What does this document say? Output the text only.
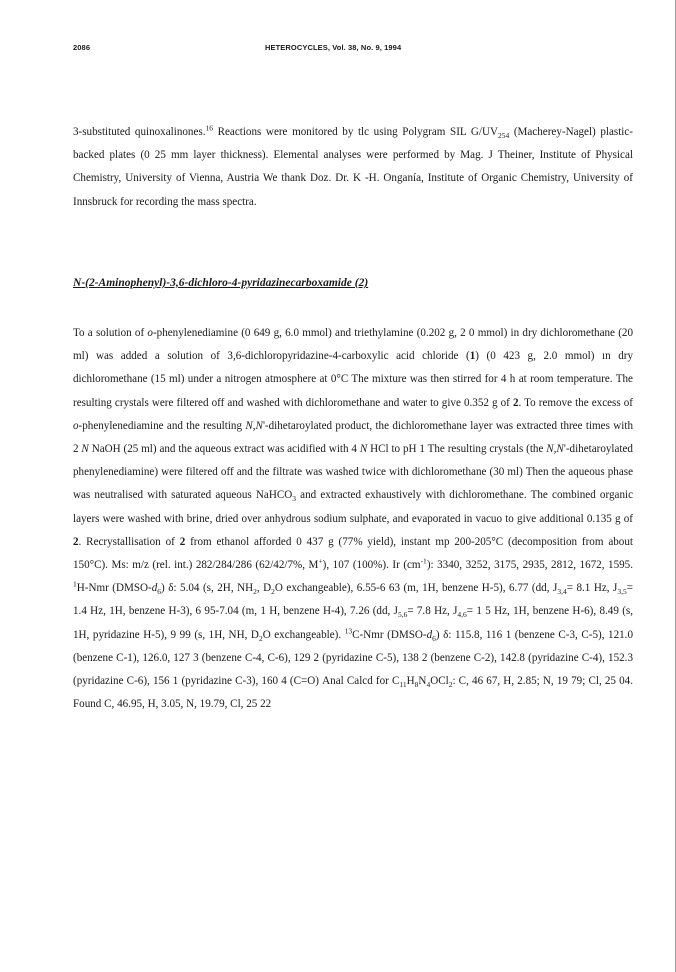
2086	HETEROCYCLES, Vol. 38, No. 9, 1994

3-substituted quinoxalinones.$^{16}$ Reactions were monitored by tlc using Polygram SIL $G/UV_{254}$ (Macherey-Nagel) plastic-backed plates (0 25 mm layer thickness). Elemental analyses were performed by Mag. J Theiner, Institute of Physical Chemistry, University of Vienna, Austria We thank Doz. Dr. K -H. Onganía, Institute of Organic Chemistry, University of Innsbruck for recording the mass spectra.

N-(2-Aminophenyl)-3,6-dichloro-4-pyridazinecarboxamide (2)

To a solution of o-phenylenediamine (0 649 g, 6.0 mmol) and triethylamine (0.202 g, 2 0 mmol) in dry dichloromethane (20 ml) was added a solution of 3,6-dichloropyridazine-4-carboxylic acid chloride (1) (0 423 g, 2.0 mmol) ın dry dichloromethane (15 ml) under a nitrogen atmosphere at 0°C The mixture was then stirred for 4 h at room temperature. The resulting crystals were filtered off and washed with dichloromethane and water to give 0.352 g of 2. To remove the excess of o-phenylenediamine and the resulting N,N'-dihetaroylated product, the dichloromethane layer was extracted three times with 2 N NaOH (25 ml) and the aqueous extract was acidified with 4 N HCl to pH 1 The resulting crystals (the N,N'-dihetaroylated phenylenediamine) were filtered off and the filtrate was washed twice with dichloromethane (30 ml) Then the aqueous phase was neutralised with saturated aqueous NaHCO$_3$ and extracted exhaustively with dichloromethane. The combined organic layers were washed with brine, dried over anhydrous sodium sulphate, and evaporated in vacuo to give additional 0.135 g of 2. Recrystallisation of 2 from ethanol afforded 0 437 g (77% yield), instant mp 200-205°C (decomposition from about 150°C). Ms: m/z (rel. int.) 282/284/286 (62/42/7%, M+), 107 (100%). Ir $(cm^{-1})$: 3340, 3252, 3175, 2935, 2812, 1672, 1595. $^1$H-Nmr $(DMSO-d_6)$ δ: 5.04 (s, 2H, $NH_2$, $D_2O$ exchangeable), 6.55-6 63 (m, 1H, benzene H-5), 6.77 (dd, $J_{3,4}= 8.1$ Hz, $J_{3,5}= 1.4$ Hz, 1H, benzene H-3), 6 95-7.04 (m, 1 H, benzene H-4), 7.26 (dd, $J_{5,6}= 7.8$ Hz, $J_{4,6}= 1$ 5 Hz, 1H, benzene H-6), 8.49 (s, 1H, pyridazine H-5), 9 99 (s, 1H, NH, $D_2O$ exchangeable). $^{13}$C-Nmr $(DMSO-d_6)$ δ: 115.8, 116 1 (benzene C-3, C-5), 121.0 (benzene C-1), 126.0, 127 3 (benzene C-4, C-6), 129 2 (pyridazine C-5), 138 2 (benzene C-2), 142.8 (pyridazine C-4), 152.3 (pyridazine C-6), 156 1 (pyridazine C-3), 160 4 (C=O) Anal Calcd for $C_{11}H_8N_4OCl_2$: C, 46 67, H, 2.85; N, 19 79; Cl, 25 04. Found C, 46.95, H, 3.05, N, 19.79, Cl, 25 22
